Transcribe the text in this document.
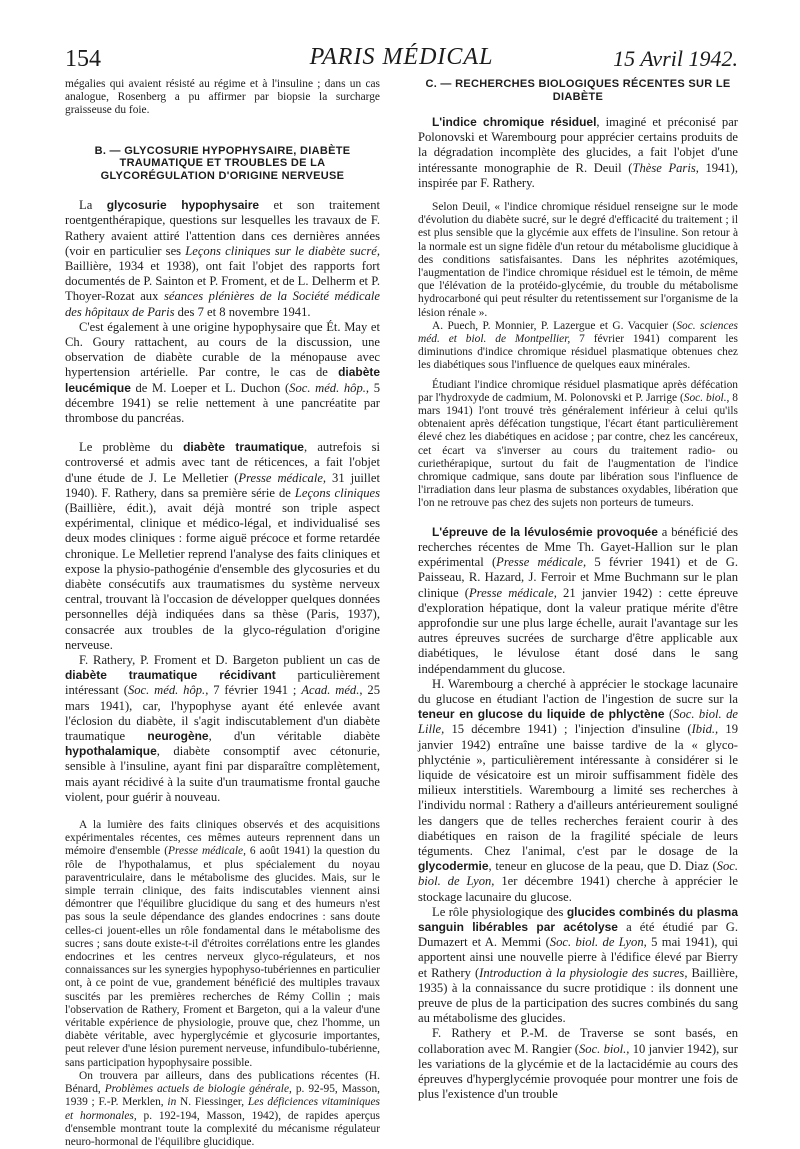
154	PARIS MÉDICAL	15 Avril 1942.

mégalies qui avaient résisté au régime et à l'insuline ; dans un cas analogue, Rosenberg a pu affirmer par biopsie la surcharge graisseuse du foie.

B. — GLYCOSURIE HYPOPHYSAIRE, DIABÈTE TRAUMATIQUE ET TROUBLES DE LA GLYCORÉGULATION D'ORIGINE NERVEUSE

La glycosurie hypophysaire et son traitement roentgenthérapique, questions sur lesquelles les travaux de F. Rathery avaient attiré l'attention dans ces dernières années (voir en particulier ses Leçons cliniques sur le diabète sucré, Baillière, 1934 et 1938), ont fait l'objet des rapports fort documentés de P. Sainton et P. Froment, et de L. Delherm et P. Thoyer-Rozat aux séances plénières de la Société médicale des hôpitaux de Paris des 7 et 8 novembre 1941.

C'est également à une origine hypophysaire que Ét. May et Ch. Goury rattachent, au cours de la discussion, une observation de diabète curable de la ménopause avec hypertension artérielle. Par contre, le cas de diabète leucémique de M. Loeper et L. Duchon (Soc. méd. hôp., 5 décembre 1941) se relie nettement à une pancréatite par thrombose du pancréas.

Le problème du diabète traumatique, autrefois si controversé et admis avec tant de réticences, a fait l'objet d'une étude de J. Le Melletier (Presse médicale, 31 juillet 1940). F. Rathery, dans sa première série de Leçons cliniques (Baillière, édit.), avait déjà montré son triple aspect expérimental, clinique et médico-légal, et individualisé ses deux modes cliniques : forme aiguë précoce et forme retardée chronique. Le Melletier reprend l'analyse des faits cliniques et expose la physio-pathogénie d'ensemble des glycosuries et du diabète consécutifs aux traumatismes du système nerveux central, trouvant là l'occasion de développer quelques données personnelles déjà indiquées dans sa thèse (Paris, 1937), consacrée aux troubles de la glyco-régulation d'origine nerveuse.

F. Rathery, P. Froment et D. Bargeton publient un cas de diabète traumatique récidivant particulièrement intéressant (Soc. méd. hôp., 7 février 1941 ; Acad. méd., 25 mars 1941), car, l'hypophyse ayant été enlevée avant l'éclosion du diabète, il s'agit indiscutablement d'un diabète traumatique neurogène, d'un véritable diabète hypothalamique, diabète consomptif avec cétonurie, sensible à l'insuline, ayant fini par disparaître complètement, mais ayant récidivé à la suite d'un traumatisme frontal gauche violent, pour guérir à nouveau.

A la lumière des faits cliniques observés et des acquisitions expérimentales récentes, ces mêmes auteurs reprennent dans un mémoire d'ensemble (Presse médicale, 6 août 1941) la question du rôle de l'hypothalamus, et plus spécialement du noyau paraventriculaire, dans le métabolisme des glucides. Mais, sur le simple terrain clinique, des faits indiscutables viennent ainsi démontrer que l'équilibre glucidique du sang et des humeurs n'est pas sous la seule dépendance des glandes endocrines : sans doute celles-ci jouent-elles un rôle fondamental dans le métabolisme des sucres ; sans doute existe-t-il d'étroites corrélations entre les glandes endocrines et les centres nerveux glyco-régulateurs, et nos connaissances sur les synergies hypophyso-tubériennes en particulier ont, à ce point de vue, grandement bénéficié des multiples travaux suscités par les premières recherches de Rémy Collin ; mais l'observation de Rathery, Froment et Bargeton, qui a la valeur d'une véritable expérience de physiologie, prouve que, chez l'homme, un diabète véritable, avec hyperglycémie et glycosurie importantes, peut relever d'une lésion purement nerveuse, infundibulo-tubérienne, sans participation hypophysaire possible.

On trouvera par ailleurs, dans des publications récentes (H. Bénard, Problèmes actuels de biologie générale, p. 92-95, Masson, 1939 ; F.-P. Merklen, in N. Fiessinger, Les déficiences vitaminiques et hormonales, p. 192-194, Masson, 1942), de rapides aperçus d'ensemble montrant toute la complexité du mécanisme régulateur neuro-hormonal de l'équilibre glucidique.

C. — RECHERCHES BIOLOGIQUES RÉCENTES SUR LE DIABÈTE

L'indice chromique résiduel, imaginé et préconisé par Polonovski et Warembourg pour apprécier certains produits de la dégradation incomplète des glucides, a fait l'objet d'une intéressante monographie de R. Deuil (Thèse Paris, 1941), inspirée par F. Rathery.

Selon Deuil, « l'indice chromique résiduel renseigne sur le mode d'évolution du diabète sucré, sur le degré d'efficacité du traitement ; il est plus sensible que la glycémie aux effets de l'insuline. Son retour à la normale est un signe fidèle d'un retour du métabolisme glucidique à des conditions satisfaisantes. Dans les néphrites azotémiques, l'augmentation de l'indice chromique résiduel est le témoin, de même que l'élévation de la protéido-glycémie, du trouble du métabolisme hydrocarboné qui peut résulter du retentissement sur l'organisme de la lésion rénale ».

A. Puech, P. Monnier, P. Lazergue et G. Vacquier (Soc. sciences méd. et biol. de Montpellier, 7 février 1941) comparent les diminutions d'indice chromique résiduel plasmatique obtenues chez les diabétiques sous l'influence de quelques eaux minérales.

Étudiant l'indice chromique résiduel plasmatique après défécation par l'hydroxyde de cadmium, M. Polonovski et P. Jarrige (Soc. biol., 8 mars 1941) l'ont trouvé très généralement inférieur à celui qu'ils obtenaient après défécation tungstique, l'écart étant particulièrement élevé chez les diabétiques en acidose ; par contre, chez les cancéreux, cet écart va s'inverser au cours du traitement radio- ou curiethérapique, surtout du fait de l'augmentation de l'indice chromique cadmique, sans doute par libération sous l'influence de l'irradiation dans leur plasma de substances oxydables, libération que l'on ne retrouve pas chez des sujets non porteurs de tumeurs.

L'épreuve de la lévulosémie provoquée a bénéficié des recherches récentes de Mme Th. Gayet-Hallion sur le plan expérimental (Presse médicale, 5 février 1941) et de G. Paisseau, R. Hazard, J. Ferroir et Mme Buchmann sur le plan clinique (Presse médicale, 21 janvier 1942) : cette épreuve d'exploration hépatique, dont la valeur pratique mérite d'être approfondie sur une plus large échelle, aurait l'avantage sur les autres épreuves sucrées de surcharge d'être applicable aux diabétiques, le lévulose étant dosé dans le sang indépendamment du glucose.

H. Warembourg a cherché à apprécier le stockage lacunaire du glucose en étudiant l'action de l'ingestion de sucre sur la teneur en glucose du liquide de phlyctène (Soc. biol. de Lille, 15 décembre 1941) ; l'injection d'insuline (Ibid., 19 janvier 1942) entraîne une baisse tardive de la « glyco-phlycténie », particulièrement intéressante à considérer si le liquide de vésicatoire est un miroir suffisamment fidèle des milieux interstitiels. Warembourg a limité ses recherches à l'individu normal : Rathery a d'ailleurs antérieurement souligné les dangers que de telles recherches feraient courir à des diabétiques en raison de la fragilité spéciale de leurs téguments. Chez l'animal, c'est par le dosage de la glycodermie, teneur en glucose de la peau, que D. Diaz (Soc. biol. de Lyon, 1er décembre 1941) cherche à apprécier le stockage lacunaire du glucose.

Le rôle physiologique des glucides combinés du plasma sanguin libérables par acétolyse a été étudié par G. Dumazert et A. Memmi (Soc. biol. de Lyon, 5 mai 1941), qui apportent ainsi une nouvelle pierre à l'édifice élevé par Bierry et Rathery (Introduction à la physiologie des sucres, Baillière, 1935) à la connaissance du sucre protidique : ils donnent une preuve de plus de la participation des sucres combinés du sang au métabolisme des glucides.

F. Rathery et P.-M. de Traverse se sont basés, en collaboration avec M. Rangier (Soc. biol., 10 janvier 1942), sur les variations de la glycémie et de la lactacidémie au cours des épreuves d'hyperglycémie provoquée pour montrer une fois de plus l'existence d'un trouble
